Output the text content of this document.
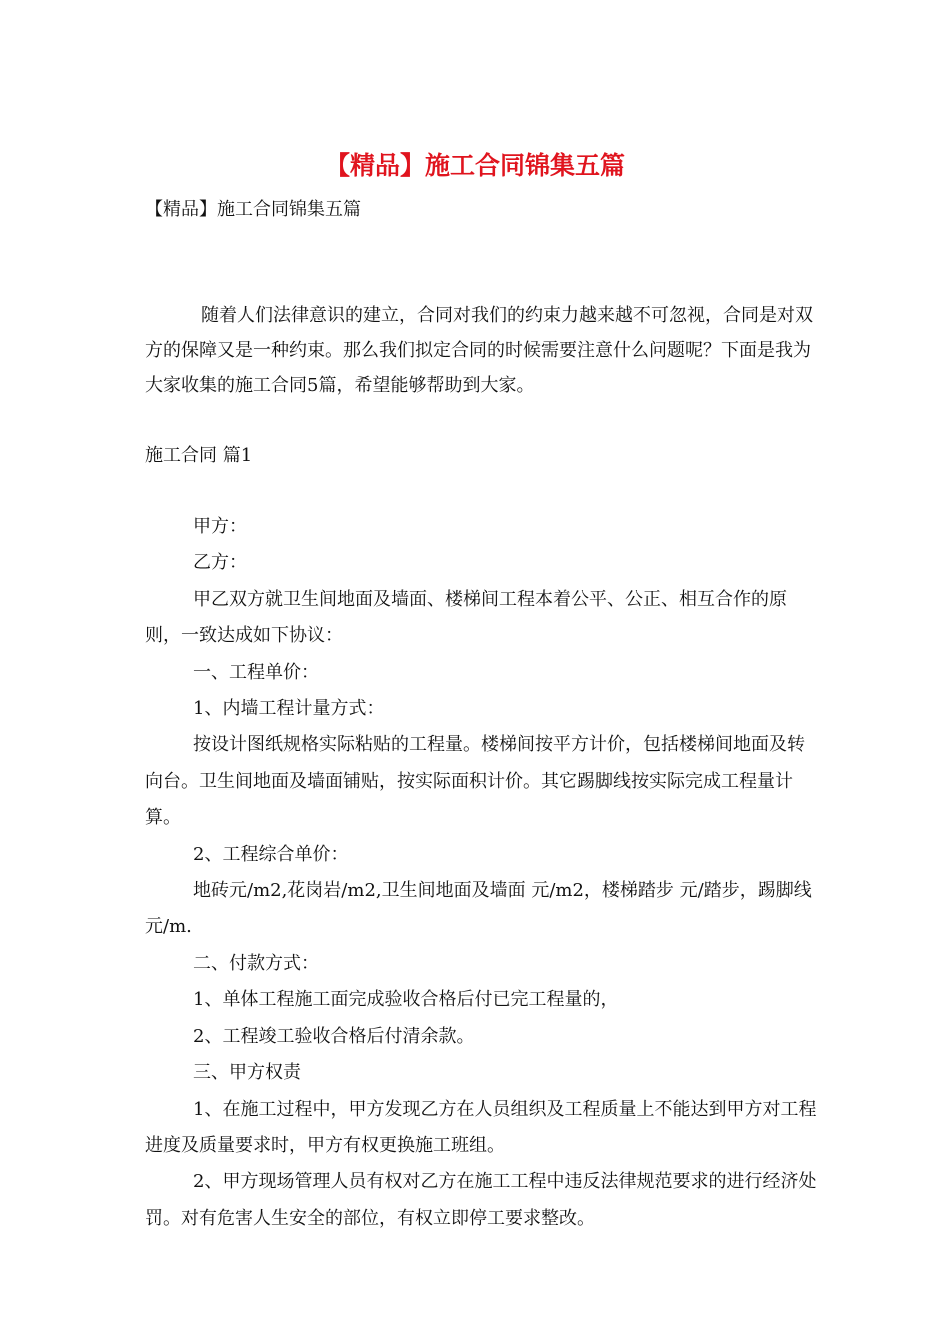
【精品】施工合同锦集五篇
【精品】施工合同锦集五篇

随着人们法律意识的建立，合同对我们的约束力越来越不可忽视，合同是对双方的保障又是一种约束。那么我们拟定合同的时候需要注意什么问题呢？下面是我为大家收集的施工合同5篇，希望能够帮助到大家。

施工合同 篇1

甲方：

乙方：

甲乙双方就卫生间地面及墙面、楼梯间工程本着公平、公正、相互合作的原则，一致达成如下协议：

一、工程单价：

1、内墙工程计量方式：

按设计图纸规格实际粘贴的工程量。楼梯间按平方计价，包括楼梯间地面及转向台。卫生间地面及墙面铺贴，按实际面积计价。其它踢脚线按实际完成工程量计算。

2、工程综合单价：

地砖元/m2,花岗岩/m2,卫生间地面及墙面 元/m2，楼梯踏步 元/踏步，踢脚线 元/m.

二、付款方式：

1、单体工程施工面完成验收合格后付已完工程量的，

2、工程竣工验收合格后付清余款。

三、甲方权责

1、在施工过程中，甲方发现乙方在人员组织及工程质量上不能达到甲方对工程进度及质量要求时，甲方有权更换施工班组。

2、甲方现场管理人员有权对乙方在施工工程中违反法律规范要求的进行经济处罚。对有危害人生安全的部位，有权立即停工要求整改。
